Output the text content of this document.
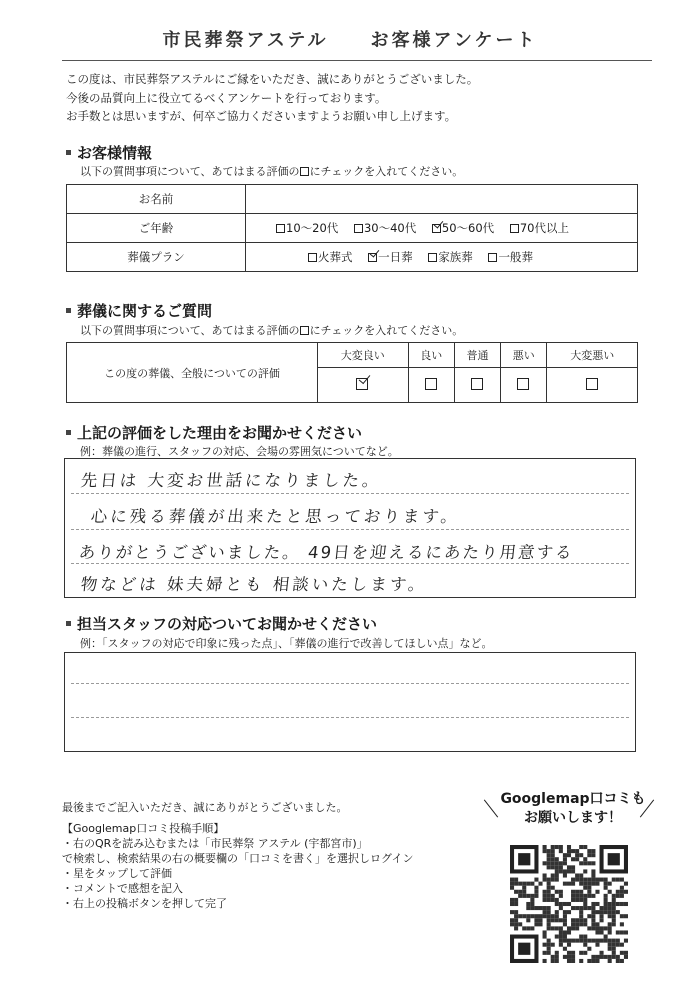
市民葬祭アステル　　お客様アンケート
この度は、市民葬祭アステルにご縁をいただき、誠にありがとうございました。
今後の品質向上に役立てるべくアンケートを行っております。
お手数とは思いますが、何卒ご協力くださいますようお願い申し上げます。
お客様情報
以下の質問事項について、あてはまる評価の にチェックを入れてください。
お名前	
ご年齢	10～20代 30～40代 50～60代 70代以上
葬儀プラン	火葬式 一日葬 家族葬 一般葬
葬儀に関するご質問
以下の質問事項について、あてはまる評価の にチェックを入れてください。
この度の葬儀、全般についての評価	大変良い	良い	普通	悪い	大変悪い

上記の評価をした理由をお聞かせください
例：葬儀の進行、スタッフの対応、会場の雰囲気についてなど。
先日は 大変お世話になりました。
心に残る葬儀が出来たと思っております。
ありがとうございました。 49日を迎えるにあたり用意する
物などは 妹夫婦とも 相談いたします。
担当スタッフの対応ついてお聞かせください
例：「スタッフの対応で印象に残った点」、「葬儀の進行で改善してほしい点」など。
最後までご記入いただき、誠にありがとうございました。
【Googlemap口コミ投稿手順】
・右のQRを読み込むまたは「市民葬祭 アステル (宇都宮市)」
で検索し、検索結果の右の概要欄の「口コミを書く」を選択しログイン
・星をタップして評価
・コメントで感想を記入
・右上の投稿ボタンを押して完了
Googlemap口コミも
お願いします！
